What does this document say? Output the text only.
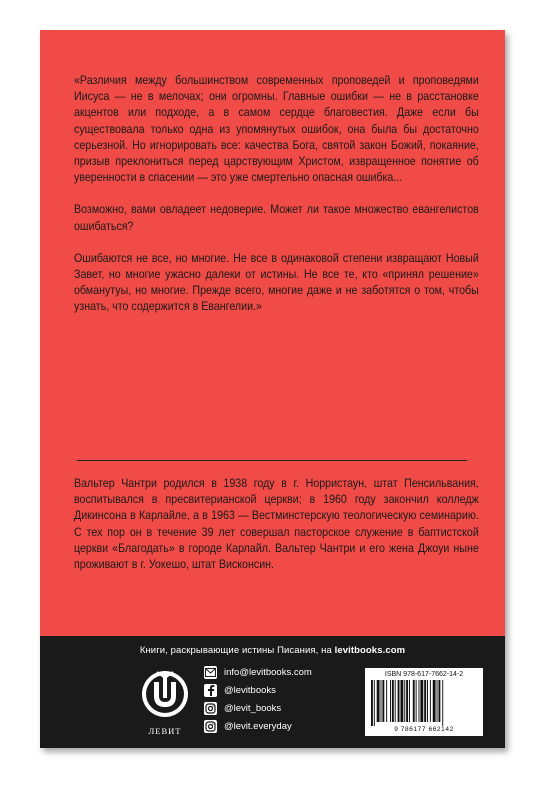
«Различия между большинством современных проповедей и проповедями Иисуса — не в мелочах; они огромны. Главные ошибки — не в расстановке акцентов или подходе, а в самом сердце благовестия. Даже если бы существовала только одна из упомянутых ошибок, она была бы достаточно серьезной. Но игнорировать все: качества Бога, святой закон Божий, покаяние, призыв преклониться перед царствующим Христом, извращенное понятие об уверенности в спасении — это уже смертельно опасная ошибка...

Возможно, вами овладеет недоверие. Может ли такое множество евангелистов ошибаться?

Ошибаются не все, но многие. Не все в одинаковой степени извращают Новый Завет, но многие ужасно далеки от истины. Не все те, кто «принял решение» обманутуы, но многие. Прежде всего, многие даже и не заботятся о том, чтобы узнать, что содержится в Евангелии.»

Вальтер Чантри родился в 1938 году в г. Норристаун, штат Пенсильвания, воспитывался в пресвитерианской церкви; в 1960 году закончил колледж Дикинсона в Карлайле, а в 1963 — Вестминстерскую теологическую семинарию. С тех пор он в течение 39 лет совершал пасторское служение в баптистской церкви «Благодать» в городе Карлайл. Вальтер Чантри и его жена Джоуи ныне проживают в г. Уокешо, штат Висконсин.

Книги, раскрывающие истины Писания, на levitbooks.com
ЛЕВИТ
info@levitbooks.com
@levitbooks
@levit_books
@levit.everyday
ISBN 978-617-7662-14-2
9 786177 662142
